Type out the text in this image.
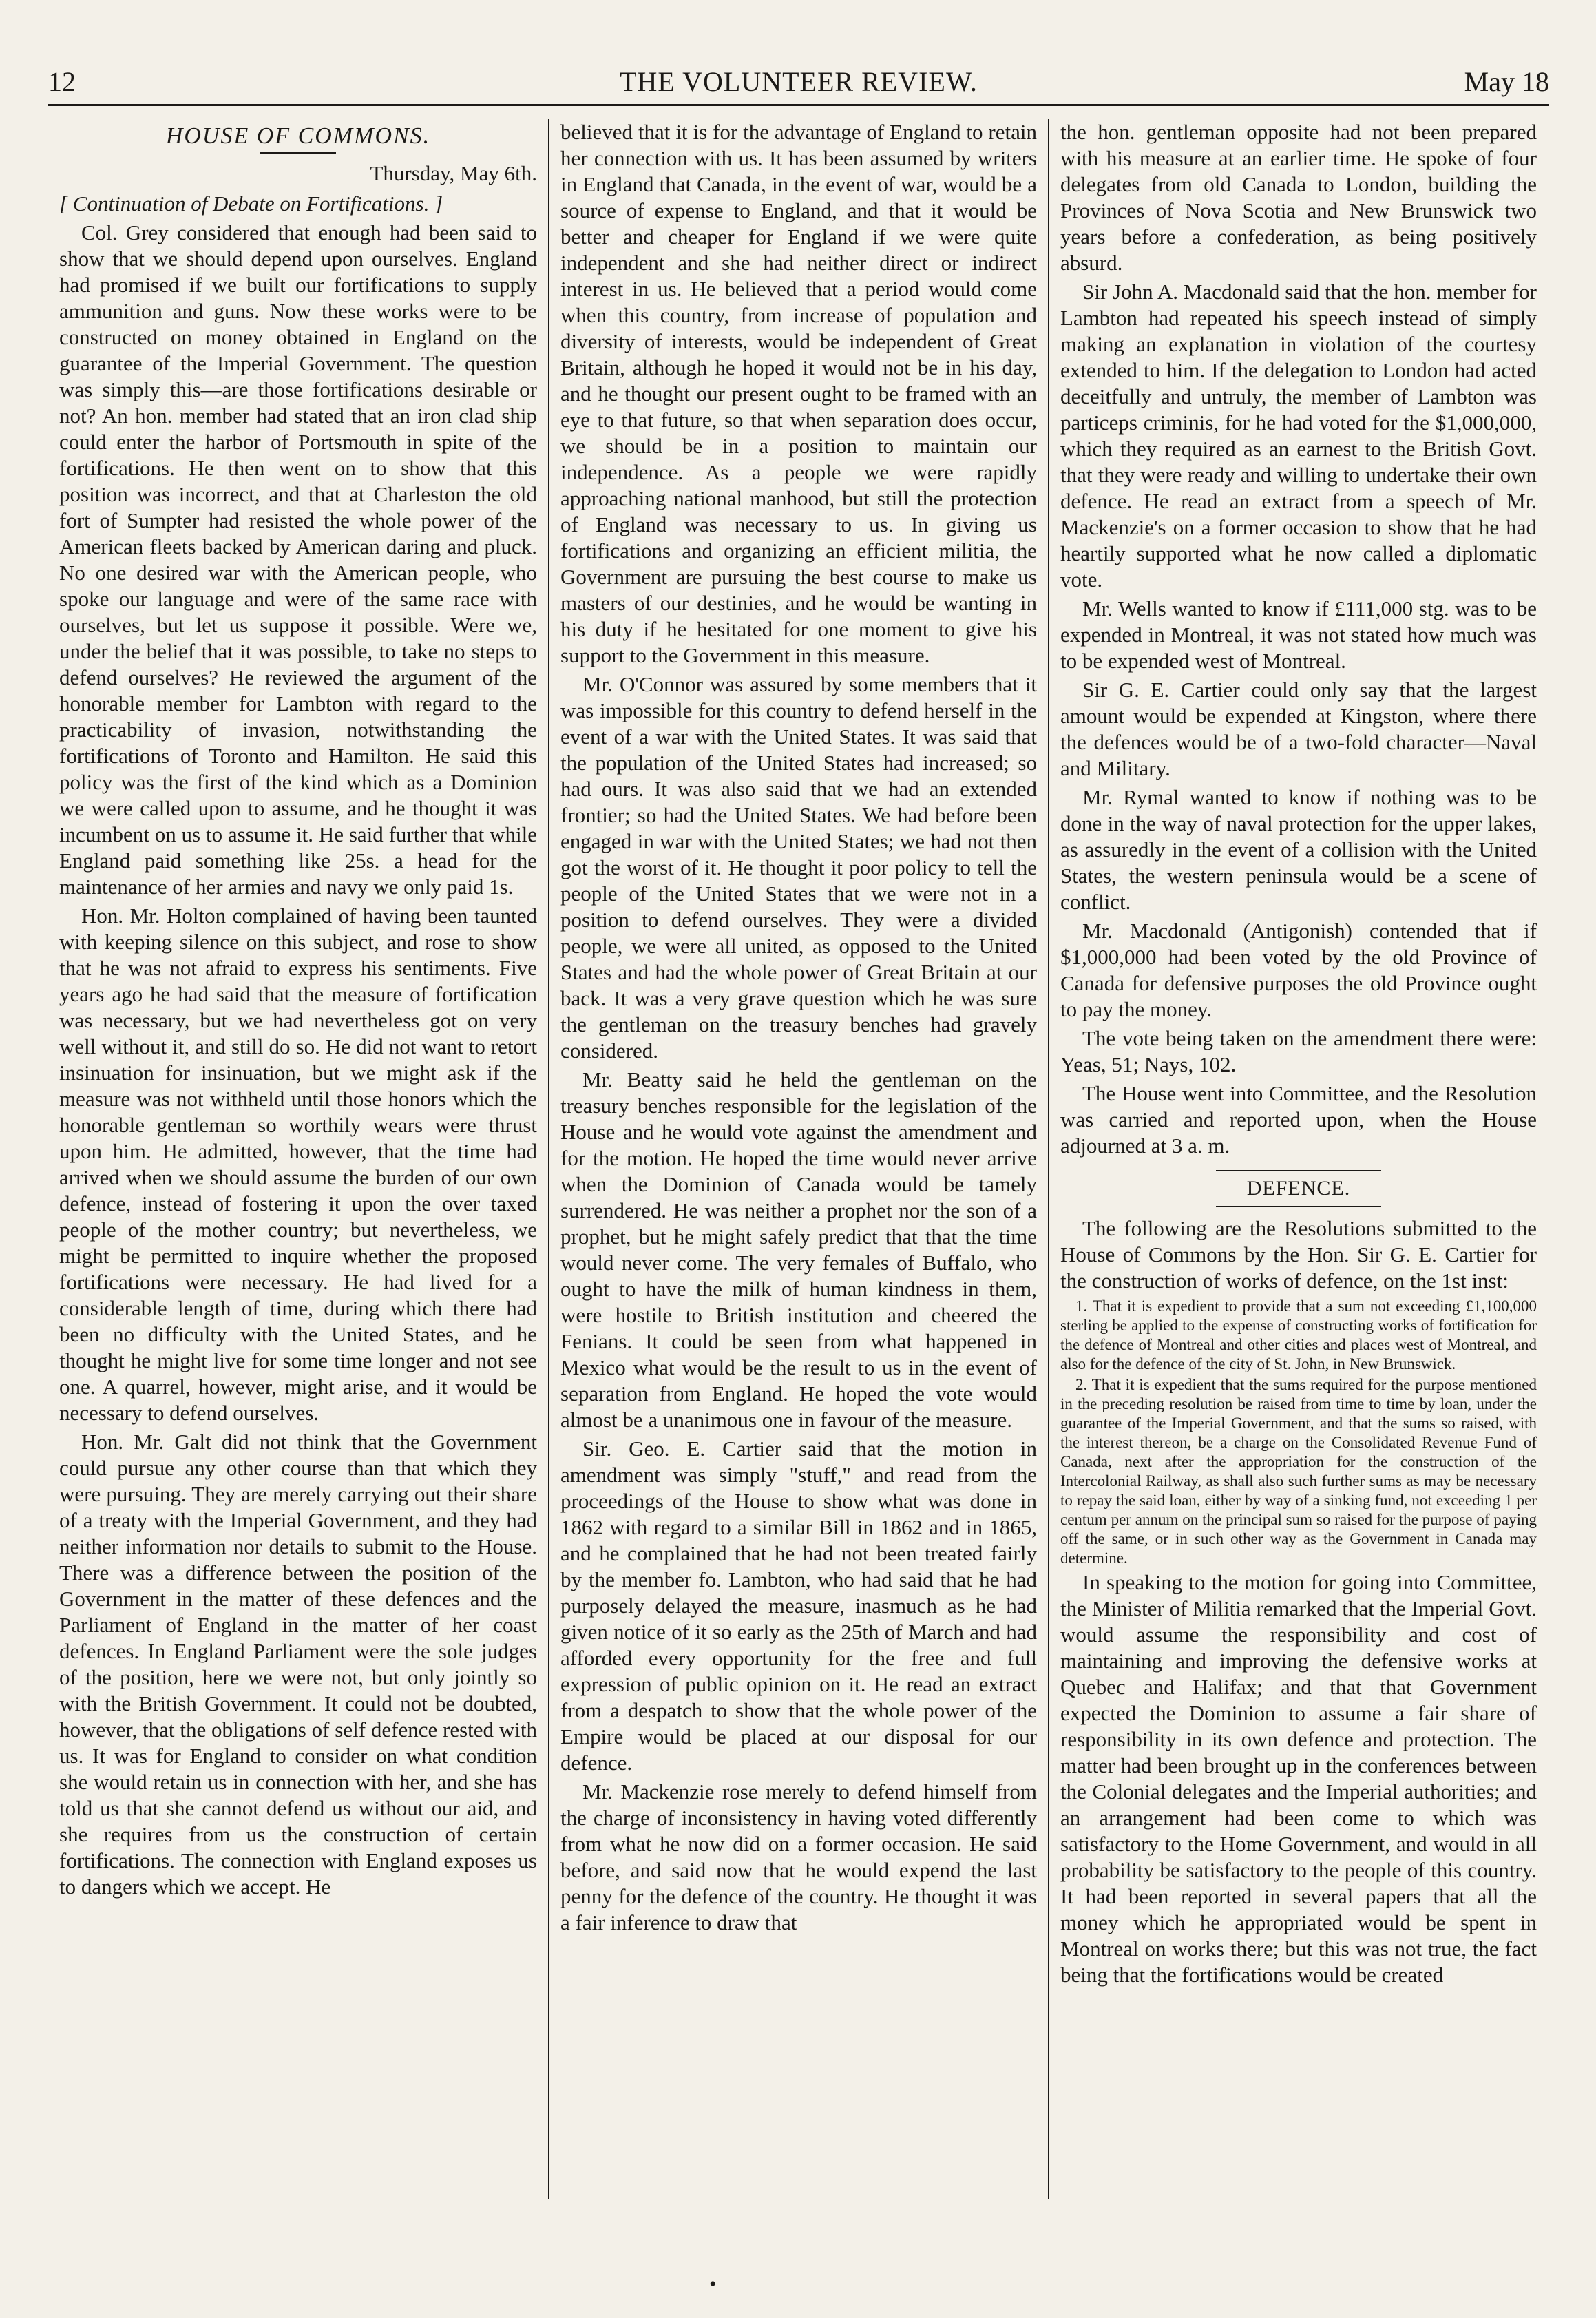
12	THE VOLUNTEER REVIEW.	May 18
HOUSE OF COMMONS.
Thursday, May 6th.

[ Continuation of Debate on Fortifications. ]

Col. Grey considered that enough had been said to show that we should depend upon ourselves. England had promised if we built our fortifications to supply ammunition and guns. Now these works were to be constructed on money obtained in England on the guarantee of the Imperial Government. The question was simply this—are those fortifications desirable or not? An hon. member had stated that an iron clad ship could enter the harbor of Portsmouth in spite of the fortifications. He then went on to show that this position was incorrect, and that at Charleston the old fort of Sumpter had resisted the whole power of the American fleets backed by American daring and pluck. No one desired war with the American people, who spoke our language and were of the same race with ourselves, but let us suppose it possible. Were we, under the belief that it was possible, to take no steps to defend ourselves? He reviewed the argument of the honorable member for Lambton with regard to the practicability of invasion, notwithstanding the fortifications of Toronto and Hamilton. He said this policy was the first of the kind which as a Dominion we were called upon to assume, and he thought it was incumbent on us to assume it. He said further that while England paid something like 25s. a head for the maintenance of her armies and navy we only paid 1s.

Hon. Mr. Holton complained of having been taunted with keeping silence on this subject, and rose to show that he was not afraid to express his sentiments. Five years ago he had said that the measure of fortification was necessary, but we had nevertheless got on very well without it, and still do so. He did not want to retort insinuation for insinuation, but we might ask if the measure was not withheld until those honors which the honorable gentleman so worthily wears were thrust upon him. He admitted, however, that the time had arrived when we should assume the burden of our own defence, instead of fostering it upon the over taxed people of the mother country; but nevertheless, we might be permitted to inquire whether the proposed fortifications were necessary. He had lived for a considerable length of time, during which there had been no difficulty with the United States, and he thought he might live for some time longer and not see one. A quarrel, however, might arise, and it would be necessary to defend ourselves.

Hon. Mr. Galt did not think that the Government could pursue any other course than that which they were pursuing. They are merely carrying out their share of a treaty with the Imperial Government, and they had neither information nor details to submit to the House. There was a difference between the position of the Government in the matter of these defences and the Parliament of England in the matter of her coast defences. In England Parliament were the sole judges of the position, here we were not, but only jointly so with the British Government. It could not be doubted, however, that the obligations of self defence rested with us. It was for England to consider on what condition she would retain us in connection with her, and she has told us that she cannot defend us without our aid, and she requires from us the construction of certain fortifications. The connection with England exposes us to dangers which we accept. He

believed that it is for the advantage of England to retain her connection with us. It has been assumed by writers in England that Canada, in the event of war, would be a source of expense to England, and that it would be better and cheaper for England if we were quite independent and she had neither direct or indirect interest in us. He believed that a period would come when this country, from increase of population and diversity of interests, would be independent of Great Britain, although he hoped it would not be in his day, and he thought our present ought to be framed with an eye to that future, so that when separation does occur, we should be in a position to maintain our independence. As a people we were rapidly approaching national manhood, but still the protection of England was necessary to us. In giving us fortifications and organizing an efficient militia, the Government are pursuing the best course to make us masters of our destinies, and he would be wanting in his duty if he hesitated for one moment to give his support to the Government in this measure.

Mr. O'Connor was assured by some members that it was impossible for this country to defend herself in the event of a war with the United States. It was said that the population of the United States had increased; so had ours. It was also said that we had an extended frontier; so had the United States. We had before been engaged in war with the United States; we had not then got the worst of it. He thought it poor policy to tell the people of the United States that we were not in a position to defend ourselves. They were a divided people, we were all united, as opposed to the United States and had the whole power of Great Britain at our back. It was a very grave question which he was sure the gentleman on the treasury benches had gravely considered.

Mr. Beatty said he held the gentleman on the treasury benches responsible for the legislation of the House and he would vote against the amendment and for the motion. He hoped the time would never arrive when the Dominion of Canada would be tamely surrendered. He was neither a prophet nor the son of a prophet, but he might safely predict that that the time would never come. The very females of Buffalo, who ought to have the milk of human kindness in them, were hostile to British institution and cheered the Fenians. It could be seen from what happened in Mexico what would be the result to us in the event of separation from England. He hoped the vote would almost be a unanimous one in favour of the measure.

Sir. Geo. E. Cartier said that the motion in amendment was simply "stuff," and read from the proceedings of the House to show what was done in 1862 with regard to a similar Bill in 1862 and in 1865, and he complained that he had not been treated fairly by the member fo. Lambton, who had said that he had purposely delayed the measure, inasmuch as he had given notice of it so early as the 25th of March and had afforded every opportunity for the free and full expression of public opinion on it. He read an extract from a despatch to show that the whole power of the Empire would be placed at our disposal for our defence.

Mr. Mackenzie rose merely to defend himself from the charge of inconsistency in having voted differently from what he now did on a former occasion. He said before, and said now that he would expend the last penny for the defence of the country. He thought it was a fair inference to draw that

the hon. gentleman opposite had not been prepared with his measure at an earlier time. He spoke of four delegates from old Canada to London, building the Provinces of Nova Scotia and New Brunswick two years before a confederation, as being positively absurd.

Sir John A. Macdonald said that the hon. member for Lambton had repeated his speech instead of simply making an explanation in violation of the courtesy extended to him. If the delegation to London had acted deceitfully and untruly, the member of Lambton was particeps criminis, for he had voted for the $1,000,000, which they required as an earnest to the British Govt. that they were ready and willing to undertake their own defence. He read an extract from a speech of Mr. Mackenzie's on a former occasion to show that he had heartily supported what he now called a diplomatic vote.

Mr. Wells wanted to know if £111,000 stg. was to be expended in Montreal, it was not stated how much was to be expended west of Montreal.

Sir G. E. Cartier could only say that the largest amount would be expended at Kingston, where there the defences would be of a two-fold character—Naval and Military.

Mr. Rymal wanted to know if nothing was to be done in the way of naval protection for the upper lakes, as assuredly in the event of a collision with the United States, the western peninsula would be a scene of conflict.

Mr. Macdonald (Antigonish) contended that if $1,000,000 had been voted by the old Province of Canada for defensive purposes the old Province ought to pay the money.

The vote being taken on the amendment there were: Yeas, 51; Nays, 102.

The House went into Committee, and the Resolution was carried and reported upon, when the House adjourned at 3 a. m.

DEFENCE.

The following are the Resolutions submitted to the House of Commons by the Hon. Sir G. E. Cartier for the construction of works of defence, on the 1st inst:

1. That it is expedient to provide that a sum not exceeding £1,100,000 sterling be applied to the expense of constructing works of fortification for the defence of Montreal and other cities and places west of Montreal, and also for the defence of the city of St. John, in New Brunswick.

2. That it is expedient that the sums required for the purpose mentioned in the preceding resolution be raised from time to time by loan, under the guarantee of the Imperial Government, and that the sums so raised, with the interest thereon, be a charge on the Consolidated Revenue Fund of Canada, next after the appropriation for the construction of the Intercolonial Railway, as shall also such further sums as may be necessary to repay the said loan, either by way of a sinking fund, not exceeding 1 per centum per annum on the principal sum so raised for the purpose of paying off the same, or in such other way as the Government in Canada may determine.

In speaking to the motion for going into Committee, the Minister of Militia remarked that the Imperial Govt. would assume the responsibility and cost of maintaining and improving the defensive works at Quebec and Halifax; and that that Government expected the Dominion to assume a fair share of responsibility in its own defence and protection. The matter had been brought up in the conferences between the Colonial delegates and the Imperial authorities; and an arrangement had been come to which was satisfactory to the Home Government, and would in all probability be satisfactory to the people of this country. It had been reported in several papers that all the money which he appropriated would be spent in Montreal on works there; but this was not true, the fact being that the fortifications would be created

•
